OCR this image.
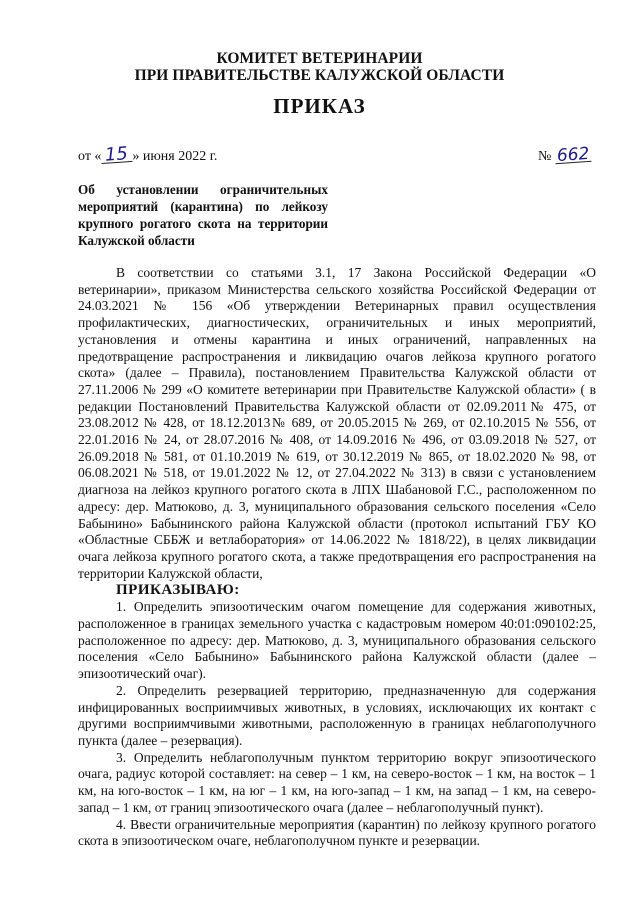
КОМИТЕТ ВЕТЕРИНАРИИ
ПРИ ПРАВИТЕЛЬСТВЕ КАЛУЖСКОЙ ОБЛАСТИ
ПРИКАЗ
от « 15 » июня 2022 г.	№ 662
Об установлении ограничительных мероприятий (карантина) по лейкозу крупного рогатого скота на территории Калужской области

В соответствии со статьями 3.1, 17 Закона Российской Федерации «О ветеринарии», приказом Министерства сельского хозяйства Российской Федерации от 24.03.2021 № 156 «Об утверждении Ветеринарных правил осуществления профилактических, диагностических, ограничительных и иных мероприятий, установления и отмены карантина и иных ограничений, направленных на предотвращение распространения и ликвидацию очагов лейкоза крупного рогатого скота» (далее – Правила), постановлением Правительства Калужской области от 27.11.2006 № 299 «О комитете ветеринарии при Правительстве Калужской области» ( в редакции Постановлений Правительства Калужской области от 02.09.2011№ 475, от 23.08.2012 № 428, от 18.12.2013№ 689, от 20.05.2015 № 269, от 02.10.2015 № 556, от 22.01.2016 № 24, от 28.07.2016 № 408, от 14.09.2016 № 496, от 03.09.2018 № 527, от 26.09.2018 № 581, от 01.10.2019 № 619, от 30.12.2019 № 865, от 18.02.2020 № 98, от 06.08.2021 № 518, от 19.01.2022 № 12, от 27.04.2022 № 313) в связи с установлением диагноза на лейкоз крупного рогатого скота в ЛПХ Шабановой Г.С., расположенном по адресу: дер. Матюково, д. 3, муниципального образования сельского поселения «Село Бабынино» Бабынинского района Калужской области (протокол испытаний ГБУ КО «Областные СББЖ и ветлаборатория» от 14.06.2022 № 1818/22), в целях ликвидации очага лейкоза крупного рогатого скота, а также предотвращения его распространения на территории Калужской области,

ПРИКАЗЫВАЮ:

1. Определить эпизоотическим очагом помещение для содержания животных, расположенное в границах земельного участка с кадастровым номером 40:01:090102:25, расположенное по адресу: дер. Матюково, д. 3, муниципального образования сельского поселения «Село Бабынино» Бабынинского района Калужской области (далее – эпизоотический очаг).

2. Определить резервацией территорию, предназначенную для содержания инфицированных восприимчивых животных, в условиях, исключающих их контакт с другими восприимчивыми животными, расположенную в границах неблагополучного пункта (далее – резервация).

3. Определить неблагополучным пунктом территорию вокруг эпизоотического очага, радиус которой составляет: на север – 1 км, на северо-восток – 1 км, на восток – 1 км, на юго-восток – 1 км, на юг – 1 км, на юго-запад – 1 км, на запад – 1 км, на северо-запад – 1 км, от границ эпизоотического очага (далее – неблагополучный пункт).

4. Ввести ограничительные мероприятия (карантин) по лейкозу крупного рогатого скота в эпизоотическом очаге, неблагополучном пункте и резервации.
